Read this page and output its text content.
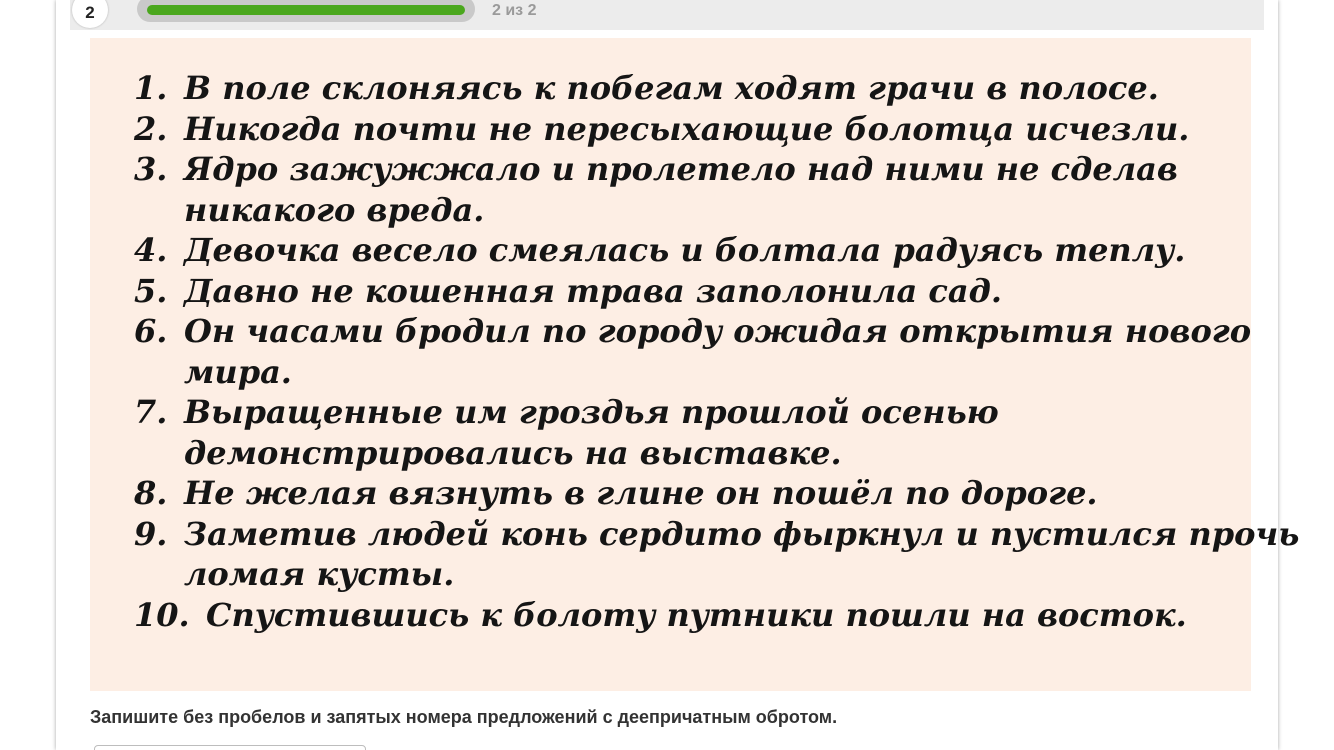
2	2 из 2
1. В поле склоняясь к побегам ходят грачи в полосе.
2. Никогда почти не пересыхающие болотца исчезли.
3. Ядро зажужжало и пролетело над ними не сделав
никакого вреда.
4. Девочка весело смеялась и болтала радуясь теплу.
5. Давно не кошенная трава заполонила сад.
6. Он часами бродил по городу ожидая открытия нового
мира.
7. Выращенные им гроздья прошлой осенью
демонстрировались на выставке.
8. Не желая вязнуть в глине он пошёл по дороге.
9. Заметив людей конь сердито фыркнул и пустился прочь
ломая кусты.
10. Спустившись к болоту путники пошли на восток.
Запишите без пробелов и запятых номера предложений с деепричатным обротом.
